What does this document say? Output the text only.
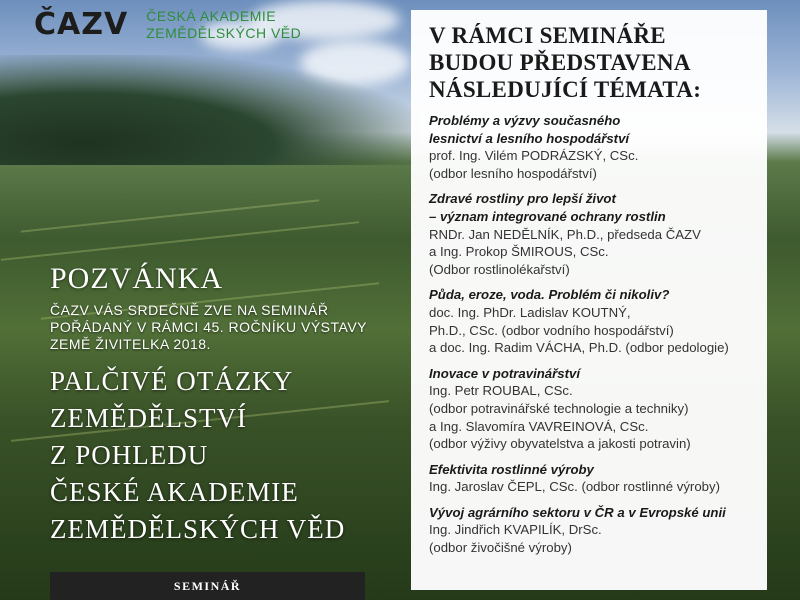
ČAZV ČESKÁ AKADEMIE
ZEMĚDĚLSKÝCH VĚD
POZVÁNKA
ČAZV VÁS SRDEČNĚ ZVE NA SEMINÁŘ POŘÁDANÝ V RÁMCI 45. ROČNÍKU VÝSTAVY ZEMĚ ŽIVITELKA 2018.
PALČIVÉ OTÁZKY
ZEMĚDĚLSTVÍ
Z POHLEDU
ČESKÉ AKADEMIE
ZEMĚDĚLSKÝCH VĚD
SEMINÁŘ
V RÁMCI SEMINÁŘE
BUDOU PŘEDSTAVENA
NÁSLEDUJÍCÍ TÉMATA:
Problémy a výzvy současného
lesnictví a lesního hospodářství
prof. Ing. Vilém PODRÁZSKÝ, CSc.
(odbor lesního hospodářství)
Zdravé rostliny pro lepší život
– význam integrované ochrany rostlin
RNDr. Jan NEDĚLNÍK, Ph.D., předseda ČAZV
a Ing. Prokop ŠMIROUS, CSc.
(Odbor rostlinolékařství)
Půda, eroze, voda. Problém či nikoliv?
doc. Ing. PhDr. Ladislav KOUTNÝ,
Ph.D., CSc. (odbor vodního hospodářství)
a doc. Ing. Radim VÁCHA, Ph.D. (odbor pedologie)
Inovace v potravinářství
Ing. Petr ROUBAL, CSc.
(odbor potravinářské technologie a techniky)
a Ing. Slavomíra VAVREINOVÁ, CSc.
(odbor výživy obyvatelstva a jakosti potravin)
Efektivita rostlinné výroby
Ing. Jaroslav ČEPL, CSc. (odbor rostlinné výroby)
Vývoj agrárního sektoru v ČR a v Evropské unii
Ing. Jindřich KVAPILÍK, DrSc.
(odbor živočišné výroby)
